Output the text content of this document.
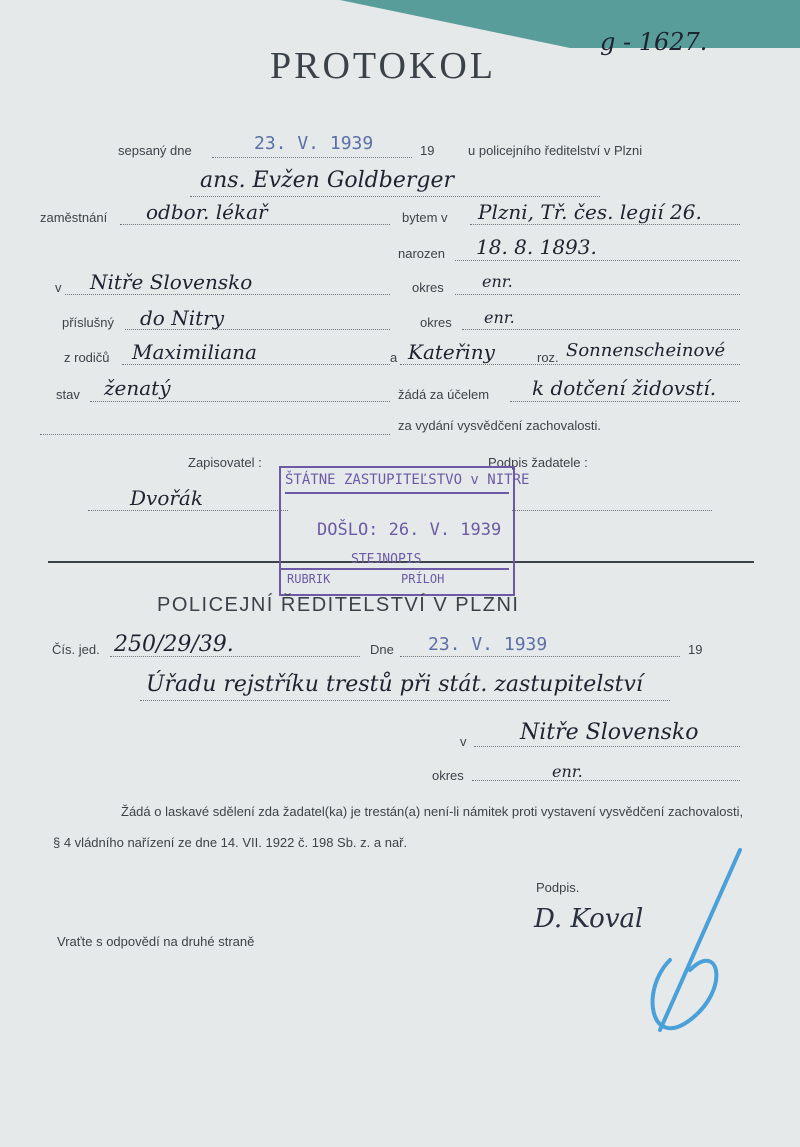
g - 1627.
PROTOKOL
sepsaný dne	23. V. 1939	19	u policejního ředitelství v Plzni
ans. Evžen Goldberger
zaměstnání odbor. lékař	bytem v Plzni, Tř. čes. legií 26.
narozen 18. 8. 1893.
v Nitře Slovensko	okres enr.
příslušný do Nitry	okres enr.
z rodičů Maximiliana	a Kateřiny	roz. Sonnenscheinové
stav ženatý	žádá za účelem k dotčení židovstí.
za vydání vysvědčení zachovalosti.
Zapisovatel :	Podpis žadatele :
Dvořák
ŠTÁTNE ZASTUPITEĽSTVO v NITRE
DOŠLO: 26. V. 1939
STEJNOPIS
RUBRIK	PRÍLOH
POLICEJNÍ ŘEDITELSTVÍ V PLZNI
Čís. jed. 250/29/39.	Dne 23. V. 1939	19
Úřadu rejstříku trestů při stát. zastupitelství
v Nitře Slovensko
okres	enr.
Žádá o laskavé sdělení zda žadatel(ka) je trestán(a) není-li námitek proti vystavení vysvědčení zachovalosti, § 4 vládního nařízení ze dne 14. VII. 1922 č. 198 Sb. z. a nař.
Podpis.
D. Koval
Vraťte s odpovědí na druhé straně
